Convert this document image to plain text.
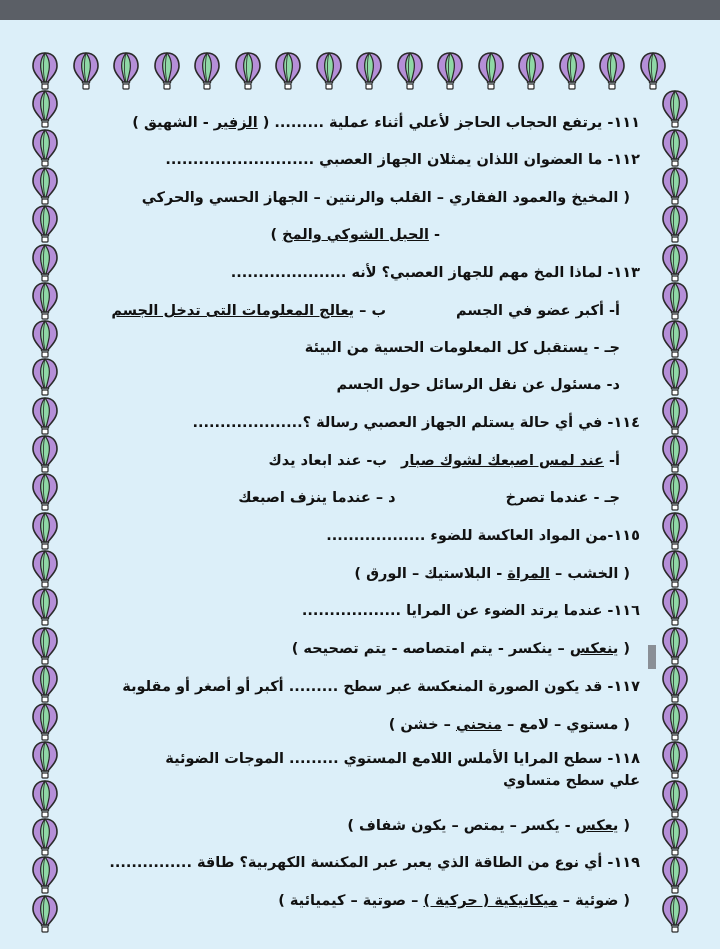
١١١- يرتفع الحجاب الحاجز لأعلي أثناء عملية ......... ( الزفير - الشهيق )
١١٢- ما العضوان اللذان يمثلان الجهاز العصبي ...........................
( المخيخ والعمود الفقاري – القلب والرنتين – الجهاز الحسي والحركي
- الحبل الشوكي والمخ )
١١٣- لماذا المخ مهم للجهاز العصبي؟ لأنه .....................
أ- أكبر عضو في الجسمب – يعالج المعلومات التى تدخل الجسم
جـ - يستقبل كل المعلومات الحسية من البيئة
د- مسئول عن نقل الرسائل حول الجسم
١١٤- في أي حالة يستلم الجهاز العصبي رسالة ؟....................
أ- عند لمس اصبعك لشوك صبارب- عند ابعاد يدك
جـ - عندما تصرخد – عندما ينزف اصبعك
١١٥-من المواد العاكسة للضوء ..................
( الخشب – المراة - البلاستيك – الورق )
١١٦- عندما يرتد الضوء عن المرايا ..................
( ينعكس – ينكسر - يتم امتصاصه - يتم تصحيحه )
١١٧- قد يكون الصورة المنعكسة عبر سطح ......... أكبر أو أصغر أو مقلوبة
( مستوي – لامع – منحني – خشن )
١١٨- سطح المرايا الأملس اللامع المستوي ......... الموجات الضوئية علي سطح متساوي
( يعكس - يكسر – يمتص – يكون شفاف )
١١٩- أي نوع من الطاقة الذي يعبر عبر المكنسة الكهربية؟ طاقة ...............
( ضوئية – ميكانيكية ( حركية ) – صوتية – كيميائية )
